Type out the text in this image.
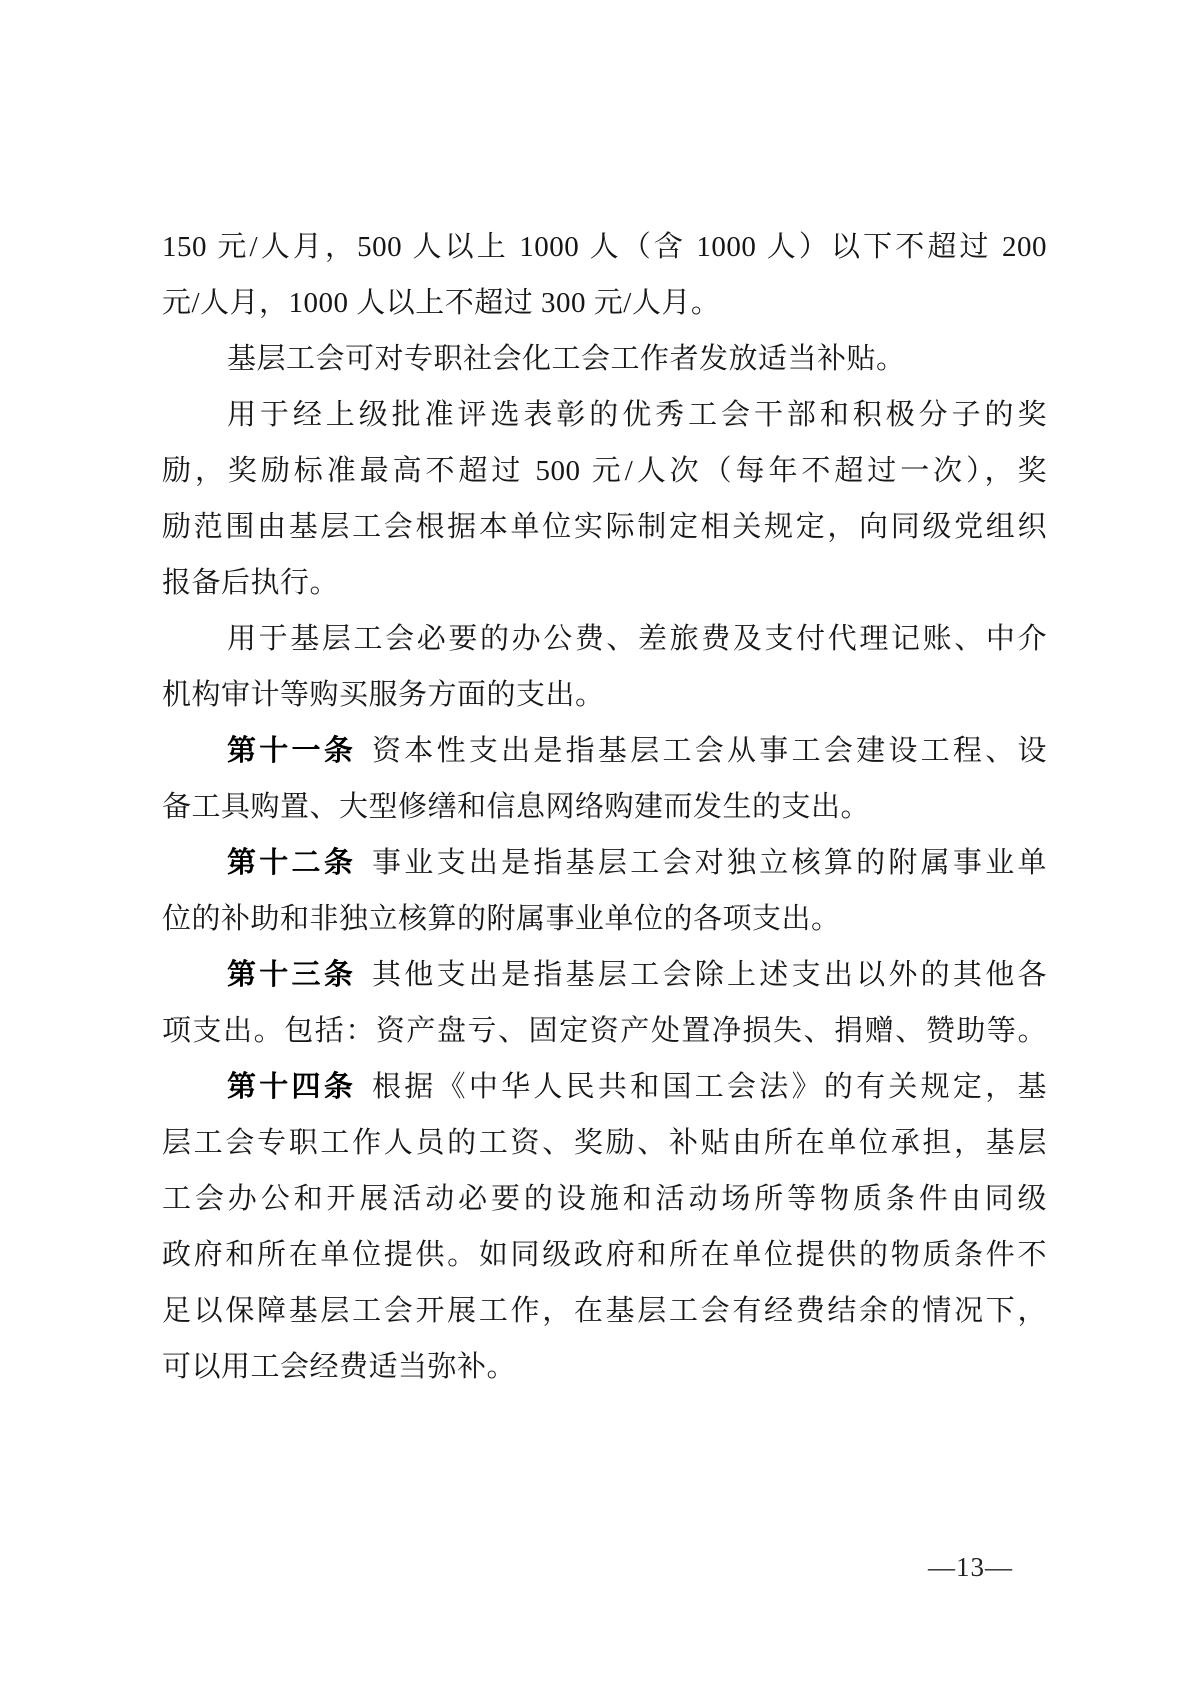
150 元/人月，500 人以上 1000 人（含 1000 人）以下不超过 200
元/人月，1000 人以上不超过 300 元/人月。
基层工会可对专职社会化工会工作者发放适当补贴。
用于经上级批准评选表彰的优秀工会干部和积极分子的奖
励，奖励标准最高不超过 500 元/人次（每年不超过一次），奖
励范围由基层工会根据本单位实际制定相关规定，向同级党组织
报备后执行。
用于基层工会必要的办公费、差旅费及支付代理记账、中介
机构审计等购买服务方面的支出。
第十一条 资本性支出是指基层工会从事工会建设工程、设
备工具购置、大型修缮和信息网络购建而发生的支出。
第十二条 事业支出是指基层工会对独立核算的附属事业单
位的补助和非独立核算的附属事业单位的各项支出。
第十三条 其他支出是指基层工会除上述支出以外的其他各
项支出。包括：资产盘亏、固定资产处置净损失、捐赠、赞助等。
第十四条 根据《中华人民共和国工会法》的有关规定，基
层工会专职工作人员的工资、奖励、补贴由所在单位承担，基层
工会办公和开展活动必要的设施和活动场所等物质条件由同级
政府和所在单位提供。如同级政府和所在单位提供的物质条件不
足以保障基层工会开展工作，在基层工会有经费结余的情况下，
可以用工会经费适当弥补。
—13—
